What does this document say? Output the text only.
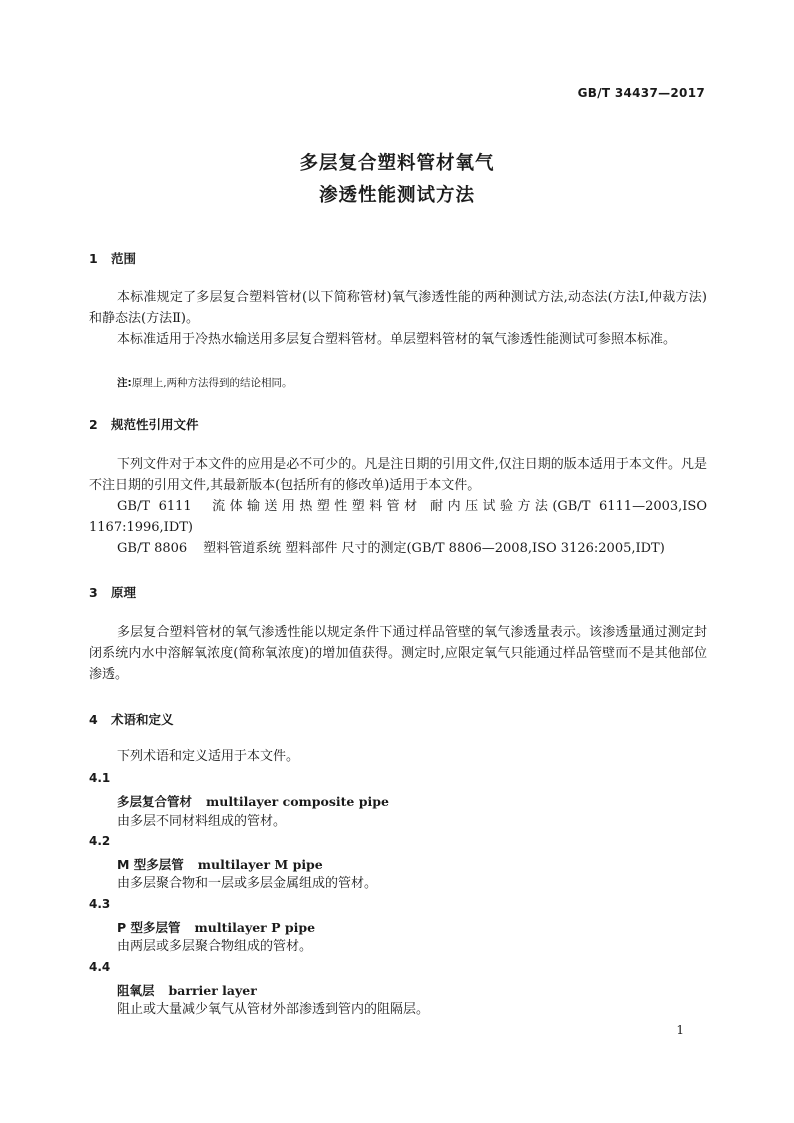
GB/T 34437—2017
多层复合塑料管材氧气
渗透性能测试方法
1 范围
本标准规定了多层复合塑料管材(以下简称管材)氧气渗透性能的两种测试方法,动态法(方法Ⅰ,仲裁方法)和静态法(方法Ⅱ)。
本标准适用于冷热水输送用多层复合塑料管材。单层塑料管材的氧气渗透性能测试可参照本标准。
注:原理上,两种方法得到的结论相同。
2 规范性引用文件
下列文件对于本文件的应用是必不可少的。凡是注日期的引用文件,仅注日期的版本适用于本文件。凡是不注日期的引用文件,其最新版本(包括所有的修改单)适用于本文件。
GB/T 6111 流体输送用热塑性塑料管材 耐内压试验方法(GB/T 6111—2003,ISO 1167:1996,IDT)
GB/T 8806 塑料管道系统 塑料部件 尺寸的测定(GB/T 8806—2008,ISO 3126:2005,IDT)
3 原理
多层复合塑料管材的氧气渗透性能以规定条件下通过样品管壁的氧气渗透量表示。该渗透量通过测定封闭系统内水中溶解氧浓度(简称氧浓度)的增加值获得。测定时,应限定氧气只能通过样品管壁而不是其他部位渗透。
4 术语和定义
下列术语和定义适用于本文件。
4.1
多层复合管材 multilayer composite pipe
由多层不同材料组成的管材。
4.2
M 型多层管 multilayer M pipe
由多层聚合物和一层或多层金属组成的管材。
4.3
P 型多层管 multilayer P pipe
由两层或多层聚合物组成的管材。
4.4
阻氧层 barrier layer
阻止或大量减少氧气从管材外部渗透到管内的阻隔层。
1
